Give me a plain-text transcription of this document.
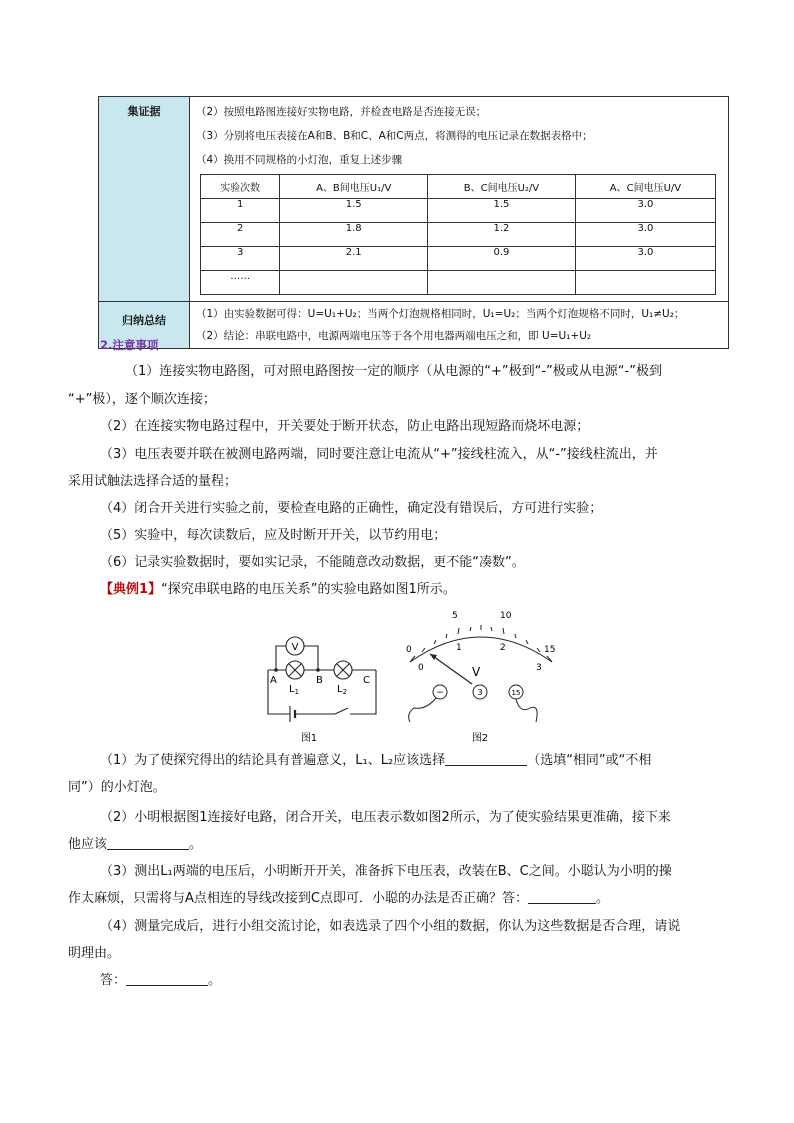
集证据	（2）按照电路图连接好实物电路，并检查电路是否连接无误；
（3）分别将电压表接在A和B、B和C、A和C两点，将测得的电压记录在数据表格中；
（4）换用不同规格的小灯泡，重复上述步骤
实验次数	A、B间电压U₁/V	B、C间电压U₂/V	A、C间电压U/V
1	1.5	1.5	3.0
2	1.8	1.2	3.0
3	2.1	0.9	3.0
……			

归纳总结	（1）由实验数据可得：U=U₁+U₂；当两个灯泡规格相同时，U₁=U₂；当两个灯泡规格不同时，U₁≠U₂；
（2）结论：串联电路中，电源两端电压等于各个用电器两端电压之和，即 U=U₁+U₂
2.注意事项
（1）连接实物电路图，可对照电路图按一定的顺序（从电源的“+”极到“-”极或从电源“-”极到
“+”极），逐个顺次连接；
（2）在连接实物电路过程中，开关要处于断开状态，防止电路出现短路而烧坏电源；
（3）电压表要并联在被测电路两端，同时要注意让电流从“+”接线柱流入，从“-”接线柱流出，并
采用试触法选择合适的量程；
（4）闭合开关进行实验之前，要检查电路的正确性，确定没有错误后，方可进行实验；
（5）实验中，每次读数后，应及时断开开关，以节约用电；
（6）记录实验数据时，要如实记录，不能随意改动数据，更不能“凑数”。
【典例1】“探究串联电路的电压关系”的实验电路如图1所示。
V
A	B	C
$L_1$	$L_2$
图1
0
5	10
15
0
1	2
3
V
−	3	15
图2
（1）为了使探究得出的结论具有普遍意义，L₁、L₂应该选择	（选填“相同”或“不相
同”）的小灯泡。
（2）小明根据图1连接好电路，闭合开关，电压表示数如图2所示，为了使实验结果更准确，接下来
他应该	。
（3）测出L₁两端的电压后，小明断开开关，准备拆下电压表，改装在B、C之间。小聪认为小明的操
作太麻烦，只需将与A点相连的导线改接到C点即可．小聪的办法是否正确？答：	。
（4）测量完成后，进行小组交流讨论，如表选录了四个小组的数据，你认为这些数据是否合理，请说
明理由。
答：	。
